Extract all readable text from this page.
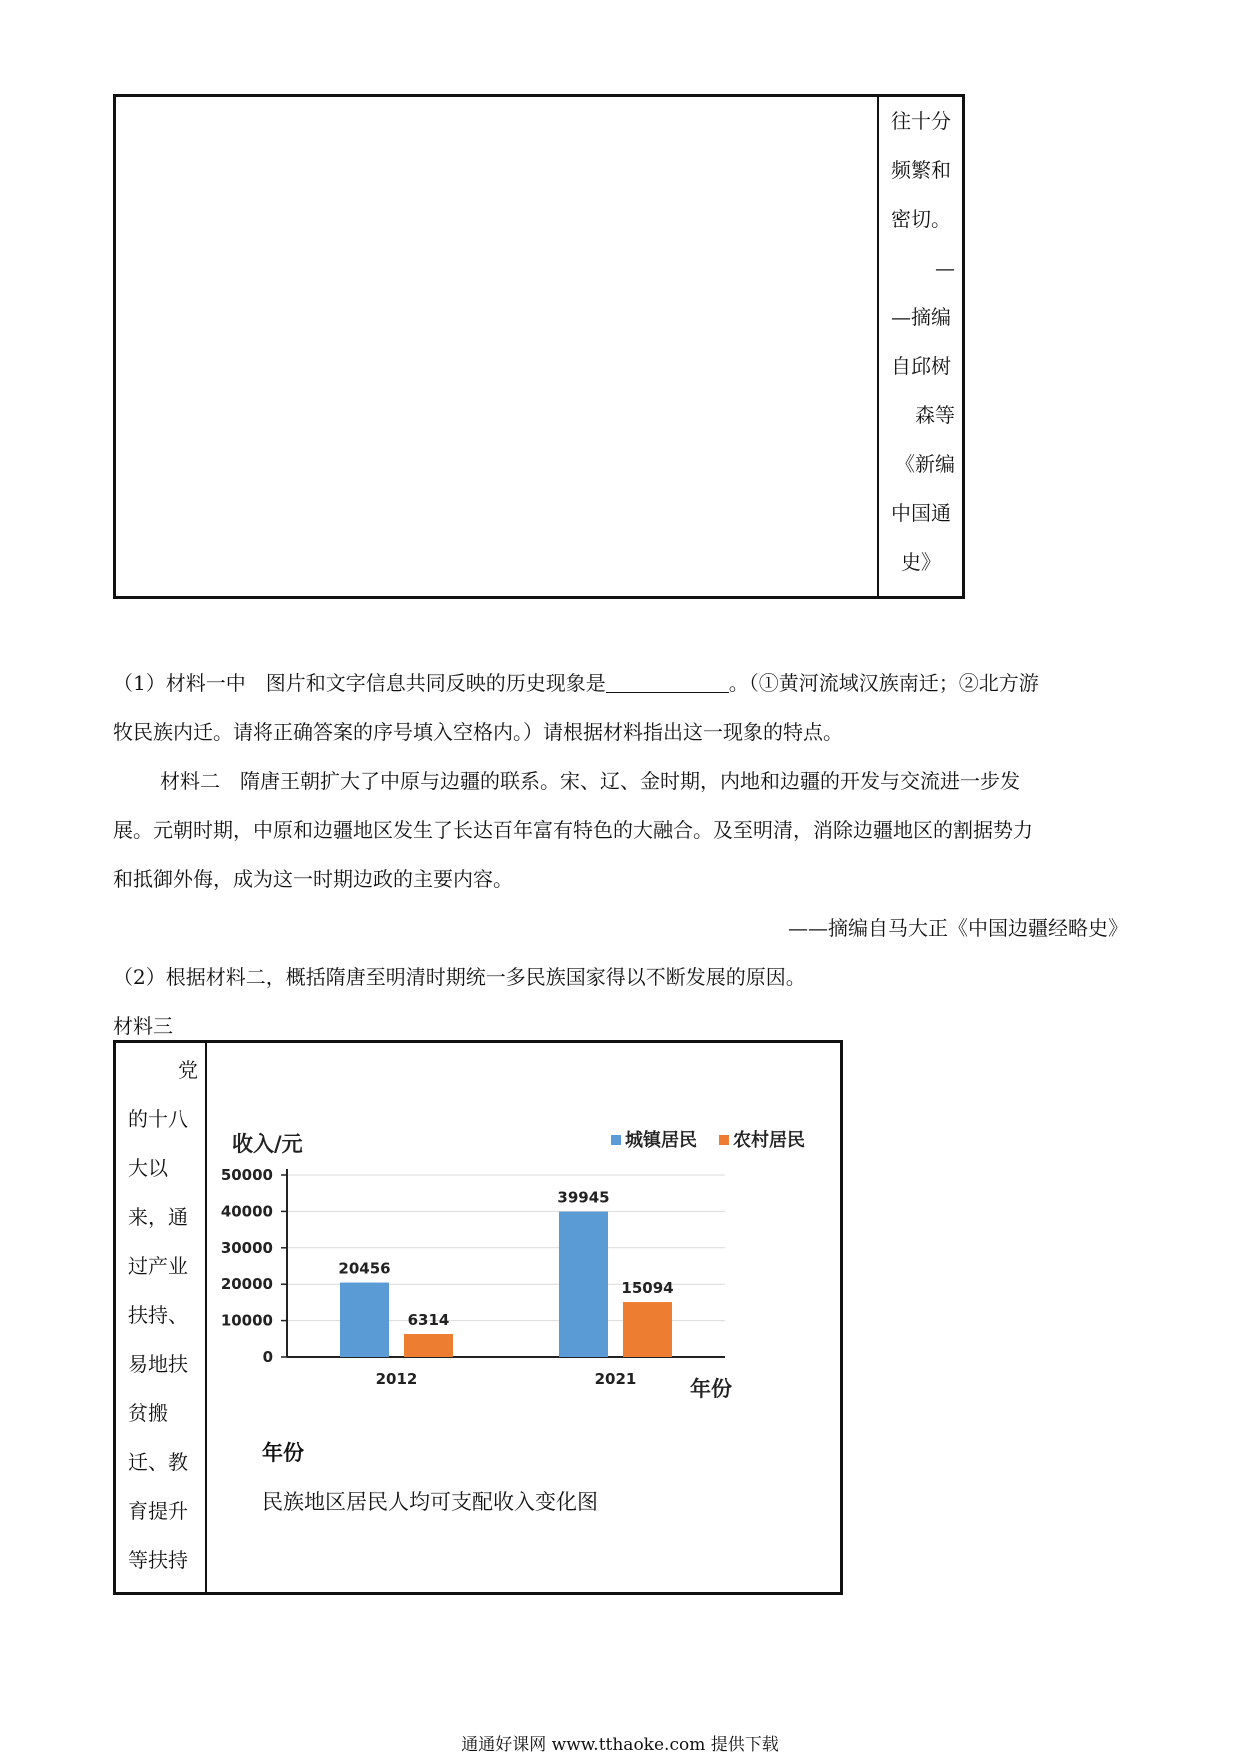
往十分
频繁和
密切。
—
—摘编
自邱树
森等
《新编
中国通
史》
（1）材料一中　图片和文字信息共同反映的历史现象是	。（①黄河流域汉族南迁；②北方游
牧民族内迁。请将正确答案的序号填入空格内。）请根据材料指出这一现象的特点。
材料二　隋唐王朝扩大了中原与边疆的联系。宋、辽、金时期，内地和边疆的开发与交流进一步发
展。元朝时期，中原和边疆地区发生了长达百年富有特色的大融合。及至明清，消除边疆地区的割据势力
和抵御外侮，成为这一时期边政的主要内容。
——摘编自马大正《中国边疆经略史》
（2）根据材料二，概括隋唐至明清时期统一多民族国家得以不断发展的原因。
材料三
党
的十八
大以
来，通
过产业
扶持、
易地扶
贫搬
迁、教
育提升
等扶持
0
10000
20000
30000
40000
50000
20456
6314
2012
39945
15094
2021
收入/元
年份
城镇居民 农村居民
年份
民族地区居民人均可支配收入变化图
通通好课网 www.tthaoke.com 提供下载
